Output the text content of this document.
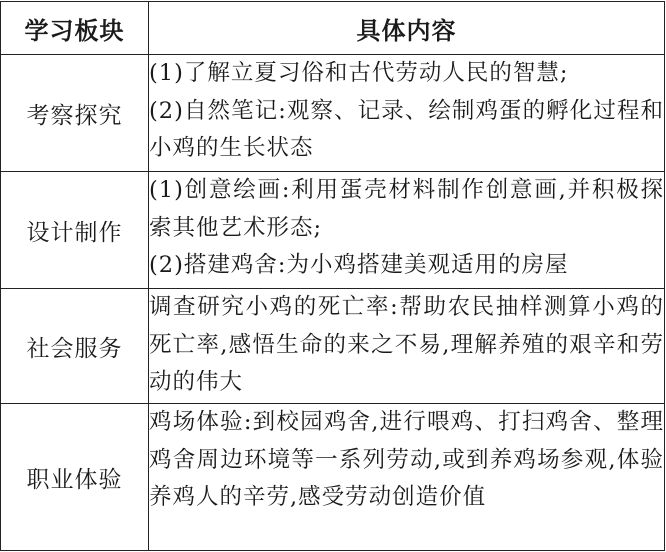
学习板块	具体内容
考察探究	(1)了解立夏习俗和古代劳动人民的智慧;
(2)自然笔记:观察、记录、绘制鸡蛋的孵化过程和小鸡的生长状态

设计制作	(1)创意绘画:利用蛋壳材料制作创意画,并积极探索其他艺术形态;
(2)搭建鸡舍:为小鸡搭建美观适用的房屋

社会服务	调查研究小鸡的死亡率:帮助农民抽样测算小鸡的死亡率,感悟生命的来之不易,理解养殖的艰辛和劳动的伟大

职业体验	鸡场体验:到校园鸡舍,进行喂鸡、打扫鸡舍、整理鸡舍周边环境等一系列劳动,或到养鸡场参观,体验养鸡人的辛劳,感受劳动创造价值
